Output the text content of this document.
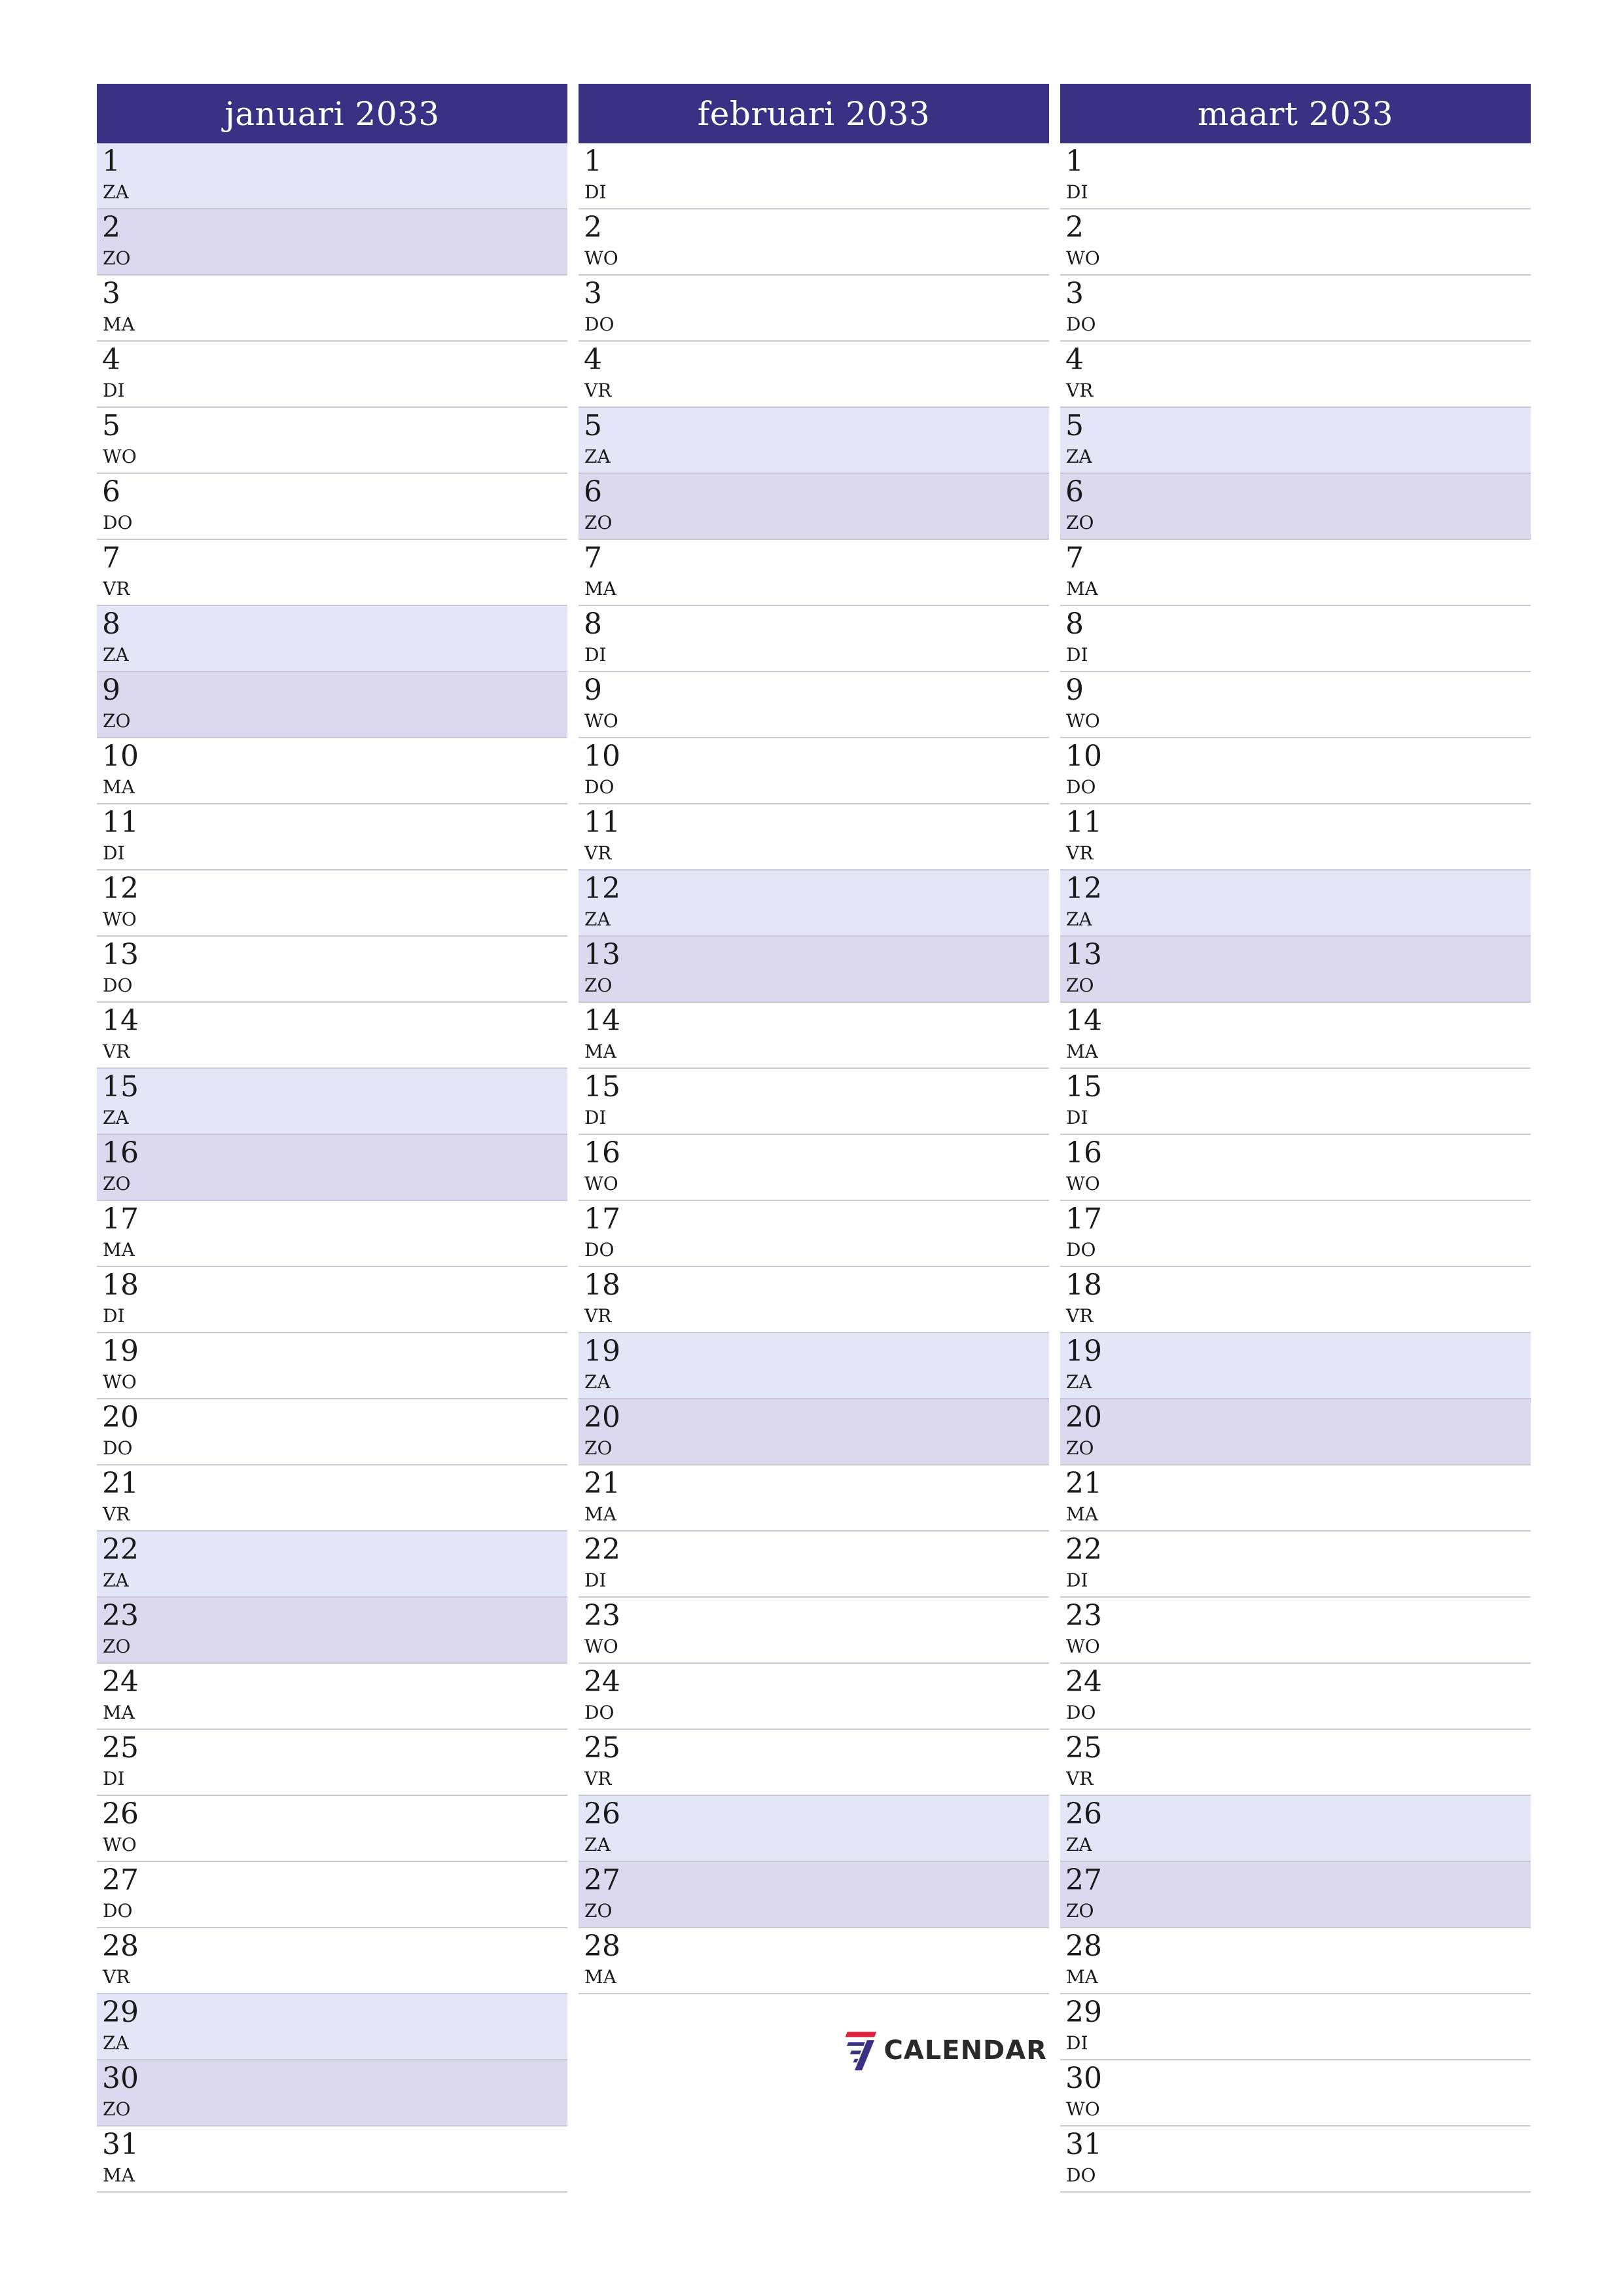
januari 2033
1
ZA
2
ZO
3
MA
4
DI
5
WO
6
DO
7
VR
8
ZA
9
ZO
10
MA
11
DI
12
WO
13
DO
14
VR
15
ZA
16
ZO
17
MA
18
DI
19
WO
20
DO
21
VR
22
ZA
23
ZO
24
MA
25
DI
26
WO
27
DO
28
VR
29
ZA
30
ZO
31
MA
februari 2033
1
DI
2
WO
3
DO
4
VR
5
ZA
6
ZO
7
MA
8
DI
9
WO
10
DO
11
VR
12
ZA
13
ZO
14
MA
15
DI
16
WO
17
DO
18
VR
19
ZA
20
ZO
21
MA
22
DI
23
WO
24
DO
25
VR
26
ZA
27
ZO
28
MA
maart 2033
1
DI
2
WO
3
DO
4
VR
5
ZA
6
ZO
7
MA
8
DI
9
WO
10
DO
11
VR
12
ZA
13
ZO
14
MA
15
DI
16
WO
17
DO
18
VR
19
ZA
20
ZO
21
MA
22
DI
23
WO
24
DO
25
VR
26
ZA
27
ZO
28
MA
29
DI
30
WO
31
DO
CALENDAR
